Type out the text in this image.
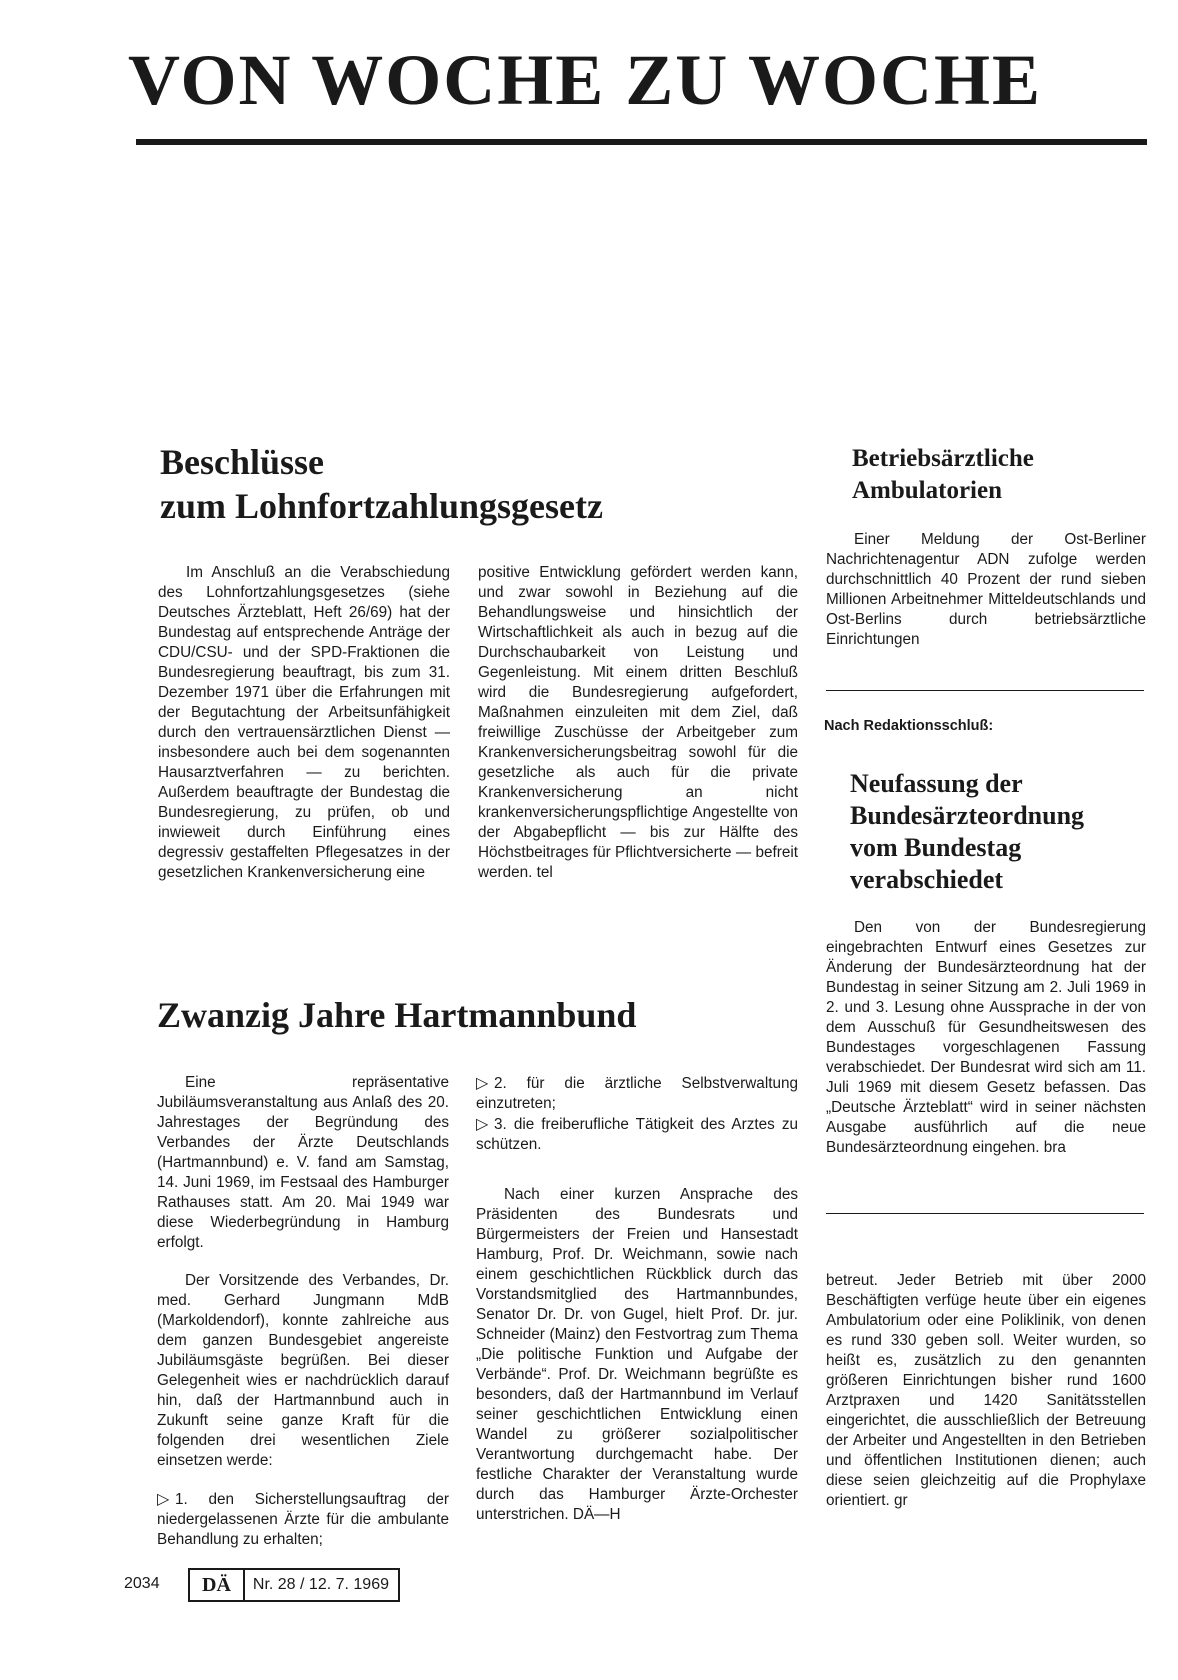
VON WOCHE ZU WOCHE
Beschlüsse
zum Lohnfortzahlungsgesetz

Im Anschluß an die Verabschiedung des Lohnfortzahlungsgesetzes (siehe Deutsches Ärzteblatt, Heft 26/69) hat der Bundestag auf entsprechende Anträge der CDU/CSU- und der SPD-Fraktionen die Bundesregierung beauftragt, bis zum 31. Dezember 1971 über die Erfahrungen mit der Begutachtung der Arbeitsunfähigkeit durch den vertrauensärztlichen Dienst — insbesondere auch bei dem sogenannten Hausarztverfahren — zu berichten. Außerdem beauftragte der Bundestag die Bundesregierung, zu prüfen, ob und inwieweit durch Einführung eines degressiv gestaffelten Pflegesatzes in der gesetzlichen Krankenversicherung eine

positive Entwicklung gefördert werden kann, und zwar sowohl in Beziehung auf die Behandlungsweise und hinsichtlich der Wirtschaftlichkeit als auch in bezug auf die Durchschaubarkeit von Leistung und Gegenleistung. Mit einem dritten Beschluß wird die Bundesregierung aufgefordert, Maßnahmen einzuleiten mit dem Ziel, daß freiwillige Zuschüsse der Arbeitgeber zum Krankenversicherungsbeitrag sowohl für die gesetzliche als auch für die private Krankenversicherung an nicht krankenversicherungspflichtige Angestellte von der Abgabepflicht — bis zur Hälfte des Höchstbeitrages für Pflichtversicherte — befreit werden. tel

Zwanzig Jahre Hartmannbund

Eine repräsentative Jubiläumsveranstaltung aus Anlaß des 20. Jahrestages der Begründung des Verbandes der Ärzte Deutschlands (Hartmannbund) e. V. fand am Samstag, 14. Juni 1969, im Festsaal des Hamburger Rathauses statt. Am 20. Mai 1949 war diese Wiederbegründung in Hamburg erfolgt.

Der Vorsitzende des Verbandes, Dr. med. Gerhard Jungmann MdB (Markoldendorf), konnte zahlreiche aus dem ganzen Bundesgebiet angereiste Jubiläumsgäste begrüßen. Bei dieser Gelegenheit wies er nachdrücklich darauf hin, daß der Hartmannbund auch in Zukunft seine ganze Kraft für die folgenden drei wesentlichen Ziele einsetzen werde:

▷ 1. den Sicherstellungsauftrag der niedergelassenen Ärzte für die ambulante Behandlung zu erhalten;

▷ 2. für die ärztliche Selbstverwaltung einzutreten;

▷ 3. die freiberufliche Tätigkeit des Arztes zu schützen.

Nach einer kurzen Ansprache des Präsidenten des Bundesrats und Bürgermeisters der Freien und Hansestadt Hamburg, Prof. Dr. Weichmann, sowie nach einem geschichtlichen Rückblick durch das Vorstandsmitglied des Hartmannbundes, Senator Dr. Dr. von Gugel, hielt Prof. Dr. jur. Schneider (Mainz) den Festvortrag zum Thema „Die politische Funktion und Aufgabe der Verbände“. Prof. Dr. Weichmann begrüßte es besonders, daß der Hartmannbund im Verlauf seiner geschichtlichen Entwicklung einen Wandel zu größerer sozialpolitischer Verantwortung durchgemacht habe. Der festliche Charakter der Veranstaltung wurde durch das Hamburger Ärzte-Orchester unterstrichen. DÄ—H

Betriebsärztliche
Ambulatorien

Einer Meldung der Ost-Berliner Nachrichtenagentur ADN zufolge werden durchschnittlich 40 Prozent der rund sieben Millionen Arbeitnehmer Mitteldeutschlands und Ost-Berlins durch betriebsärztliche Einrichtungen

Nach Redaktionsschluß:
Neufassung der
Bundesärzteordnung
vom Bundestag
verabschiedet

Den von der Bundesregierung eingebrachten Entwurf eines Gesetzes zur Änderung der Bundesärzteordnung hat der Bundestag in seiner Sitzung am 2. Juli 1969 in 2. und 3. Lesung ohne Aussprache in der von dem Ausschuß für Gesundheitswesen des Bundestages vorgeschlagenen Fassung verabschiedet. Der Bundesrat wird sich am 11. Juli 1969 mit diesem Gesetz befassen. Das „Deutsche Ärzteblatt“ wird in seiner nächsten Ausgabe ausführlich auf die neue Bundesärzteordnung eingehen. bra

betreut. Jeder Betrieb mit über 2000 Beschäftigten verfüge heute über ein eigenes Ambulatorium oder eine Poliklinik, von denen es rund 330 geben soll. Weiter wurden, so heißt es, zusätzlich zu den genannten größeren Einrichtungen bisher rund 1600 Arztpraxen und 1420 Sanitätsstellen eingerichtet, die ausschließlich der Betreuung der Arbeiter und Angestellten in den Betrieben und öffentlichen Institutionen dienen; auch diese seien gleichzeitig auf die Prophylaxe orientiert. gr

2034	DÄ	Nr. 28 / 12. 7. 1969
